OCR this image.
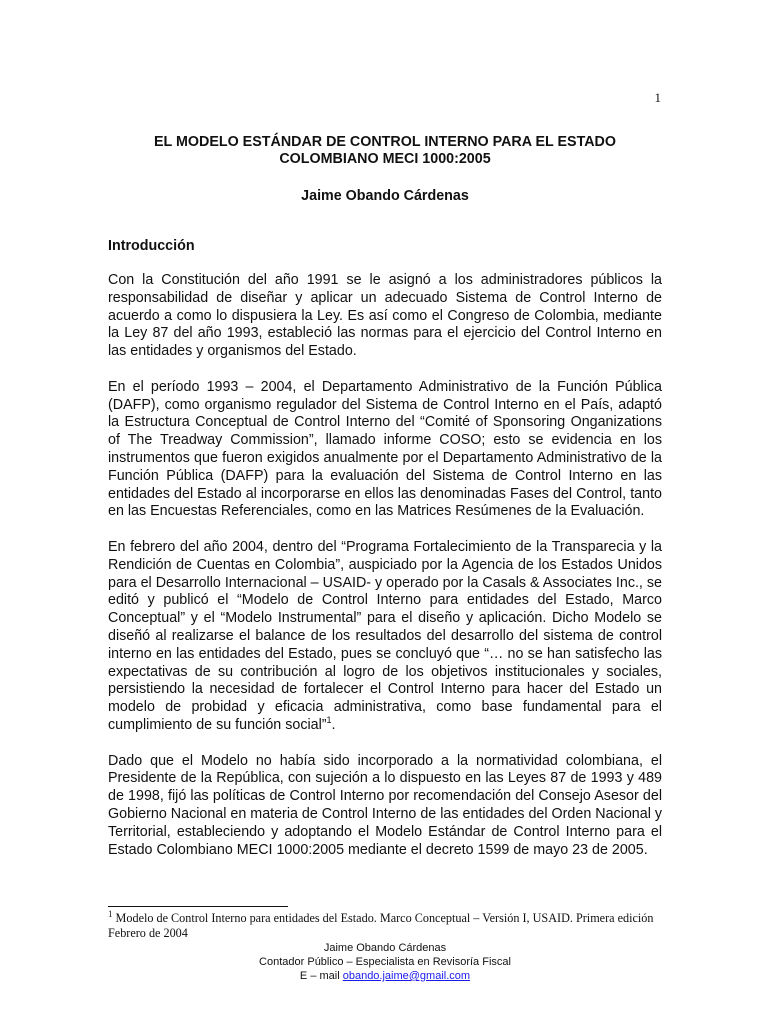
1
EL MODELO ESTÁNDAR DE CONTROL INTERNO PARA EL ESTADO
COLOMBIANO MECI 1000:2005
Jaime Obando Cárdenas
Introducción

Con la Constitución del año 1991 se le asignó a los administradores públicos la responsabilidad de diseñar y aplicar un adecuado Sistema de Control Interno de acuerdo a como lo dispusiera la Ley. Es así como el Congreso de Colombia, mediante la Ley 87 del año 1993, estableció las normas para el ejercicio del Control Interno en las entidades y organismos del Estado.

En el período 1993 – 2004, el Departamento Administrativo de la Función Pública (DAFP), como organismo regulador del Sistema de Control Interno en el País, adaptó la Estructura Conceptual de Control Interno del “Comité of Sponsoring Onganizations of The Treadway Commission”, llamado informe COSO; esto se evidencia en los instrumentos que fueron exigidos anualmente por el Departamento Administrativo de la Función Pública (DAFP) para la evaluación del Sistema de Control Interno en las entidades del Estado al incorporarse en ellos las denominadas Fases del Control, tanto en las Encuestas Referenciales, como en las Matrices Resúmenes de la Evaluación.

En febrero del año 2004, dentro del “Programa Fortalecimiento de la Transparecia y la Rendición de Cuentas en Colombia”, auspiciado por la Agencia de los Estados Unidos para el Desarrollo Internacional – USAID- y operado por la Casals & Associates Inc., se editó y publicó el “Modelo de Control Interno para entidades del Estado, Marco Conceptual” y el “Modelo Instrumental” para el diseño y aplicación. Dicho Modelo se diseñó al realizarse el balance de los resultados del desarrollo del sistema de control interno en las entidades del Estado, pues se concluyó que “… no se han satisfecho las expectativas de su contribución al logro de los objetivos institucionales y sociales, persistiendo la necesidad de fortalecer el Control Interno para hacer del Estado un modelo de probidad y eficacia administrativa, como base fundamental para el cumplimiento de su función social”$^1$.

Dado que el Modelo no había sido incorporado a la normatividad colombiana, el Presidente de la República, con sujeción a lo dispuesto en las Leyes 87 de 1993 y 489 de 1998, fijó las políticas de Control Interno por recomendación del Consejo Asesor del Gobierno Nacional en materia de Control Interno de las entidades del Orden Nacional y Territorial, estableciendo y adoptando el Modelo Estándar de Control Interno para el Estado Colombiano MECI 1000:2005 mediante el decreto 1599 de mayo 23 de 2005.

$^1$ Modelo de Control Interno para entidades del Estado. Marco Conceptual – Versión I, USAID. Primera edición Febrero de 2004
Jaime Obando Cárdenas
Contador Público – Especialista en Revisoría Fiscal
E – mail obando.jaime@gmail.com
